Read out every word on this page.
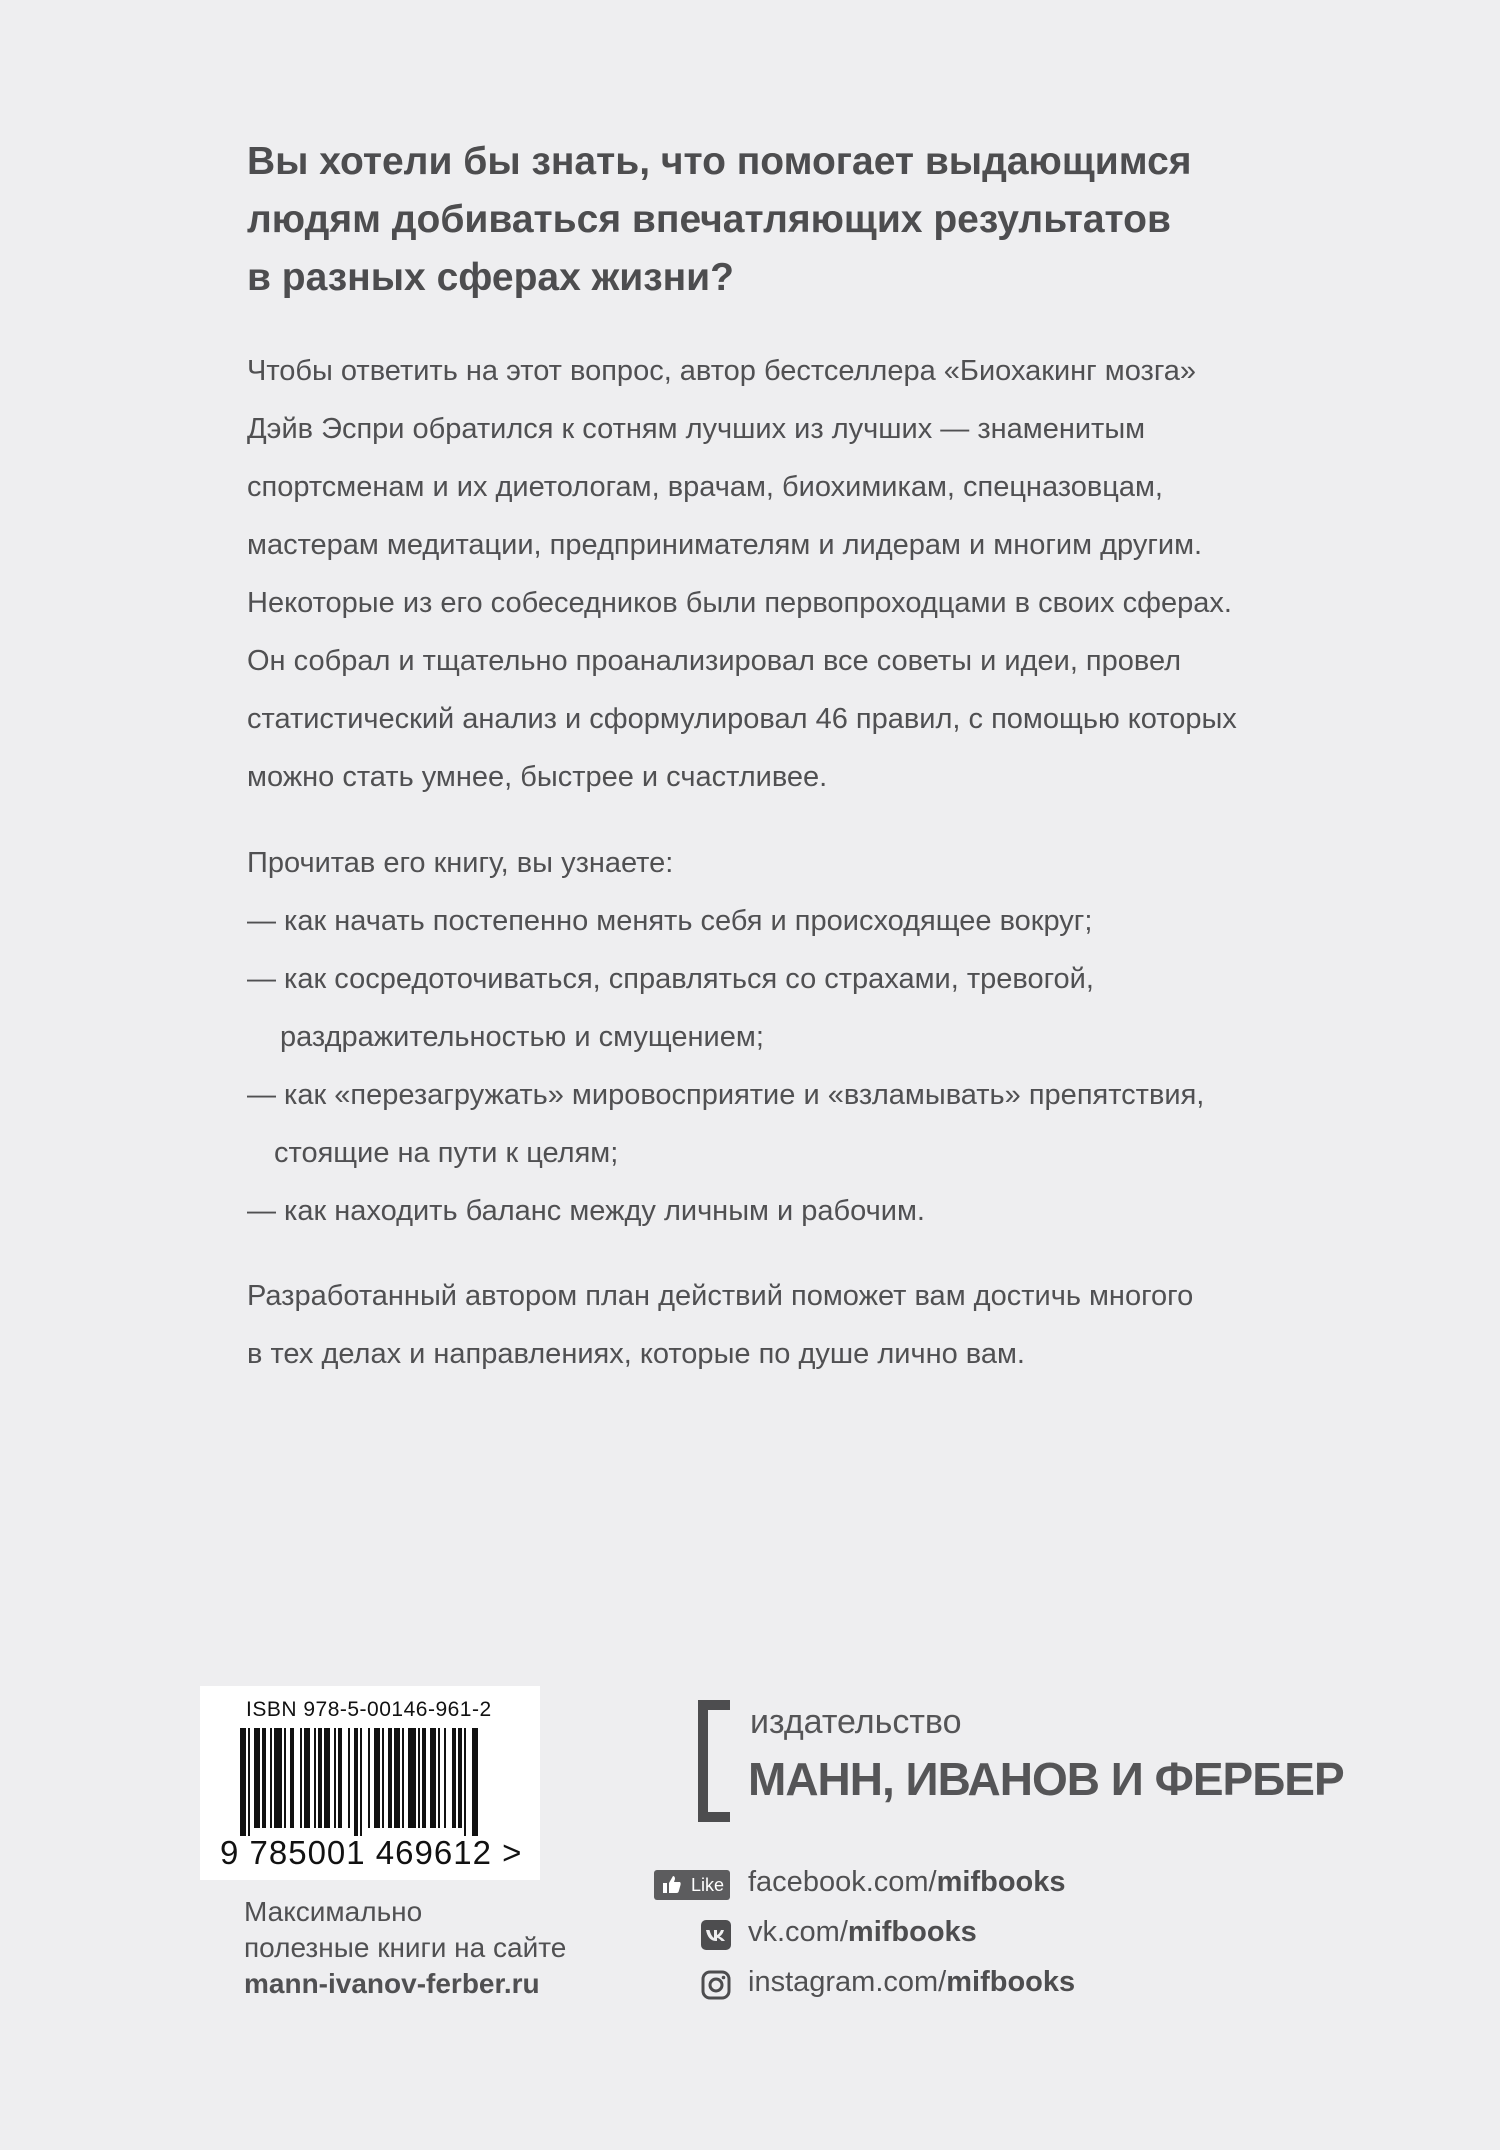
Вы хотели бы знать, что помогает выдающимся
людям добиваться впечатляющих результатов
в разных сферах жизни?
Чтобы ответить на этот вопрос, автор бестселлера «Биохакинг мозга»
Дэйв Эспри обратился к сотням лучших из лучших — знаменитым
спортсменам и их диетологам, врачам, биохимикам, спецназовцам,
мастерам медитации, предпринимателям и лидерам и многим другим.
Некоторые из его собеседников были первопроходцами в своих сферах.
Он собрал и тщательно проанализировал все советы и идеи, провел
статистический анализ и сформулировал 46 правил, с помощью которых
можно стать умнее, быстрее и счастливее.
Прочитав его книгу, вы узнаете:
— как начать постепенно менять себя и происходящее вокруг;
— как сосредоточиваться, справляться со страхами, тревогой,
раздражительностью и смущением;
— как «перезагружать» мировосприятие и «взламывать» препятствия,
стоящие на пути к целям;
— как находить баланс между личным и рабочим.
Разработанный автором план действий поможет вам достичь многого
в тех делах и направлениях, которые по душе лично вам.
ISBN 978-5-00146-961-2
9 785001 469612 >
Максимально
полезные книги на сайте
mann-ivanov-ferber.ru
издательство
МАНН, ИВАНОВ И ФЕРБЕР
Like facebook.com/mifbooks
vk.com/mifbooks
instagram.com/mifbooks
